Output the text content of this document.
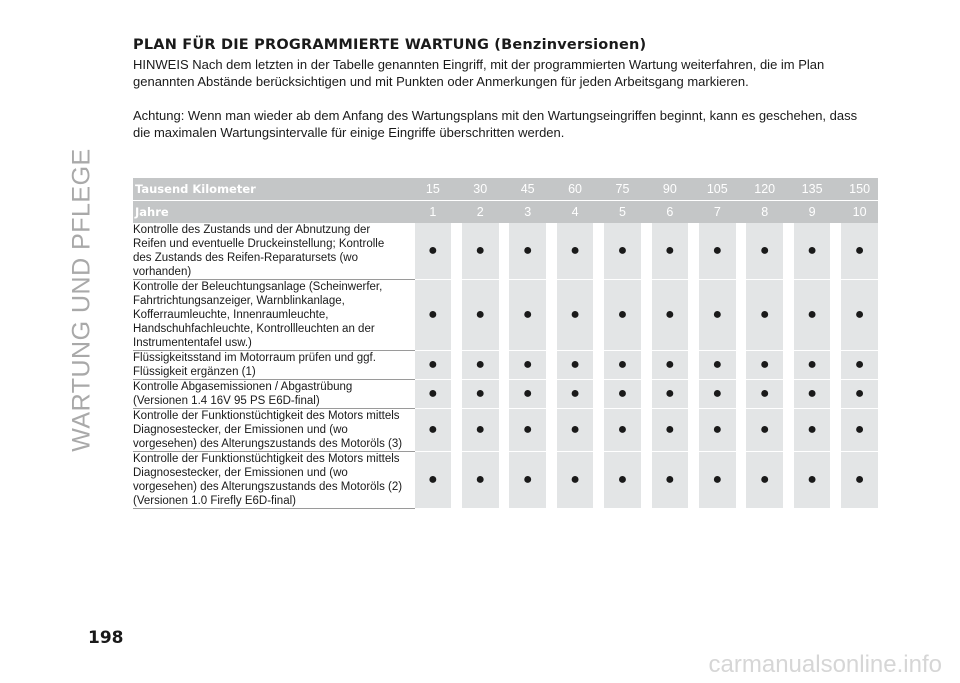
WARTUNG UND PFLEGE
PLAN FÜR DIE PROGRAMMIERTE WARTUNG (Benzinversionen)

HINWEIS Nach dem letzten in der Tabelle genannten Eingriff, mit der programmierten Wartung weiterfahren, die im Plan genannten Abstände berücksichtigen und mit Punkten oder Anmerkungen für jeden Arbeitsgang markieren.

Achtung: Wenn man wieder ab dem Anfang des Wartungsplans mit den Wartungseingriffen beginnt, kann es geschehen, dass die maximalen Wartungsintervalle für einige Eingriffe überschritten werden.

Tausend Kilometer		15		30		45		60		75		90		105		120		135		150
Jahre		1		2		3		4		5		6		7		8		9		10
Kontrolle des Zustands und der Abnutzung der Reifen und eventuelle Druckeinstellung; Kontrolle des Zustands des Reifen-Reparatursets (wo vorhanden)		●		●		●		●		●		●		●		●		●		●
Kontrolle der Beleuchtungsanlage (Scheinwerfer, Fahrtrichtungsanzeiger, Warnblinkanlage, Kofferraumleuchte, Innenraumleuchte, Handschuhfachleuchte, Kontrollleuchten an der Instrumententafel usw.)		●		●		●		●		●		●		●		●		●		●
Flüssigkeitsstand im Motorraum prüfen und ggf. Flüssigkeit ergänzen (1)		●		●		●		●		●		●		●		●		●		●
Kontrolle Abgasemissionen / Abgastrübung (Versionen 1.4 16V 95 PS E6D-final)		●		●		●		●		●		●		●		●		●		●
Kontrolle der Funktionstüchtigkeit des Motors mittels Diagnosestecker, der Emissionen und (wo vorgesehen) des Alterungszustands des Motoröls (3)		●		●		●		●		●		●		●		●		●		●
Kontrolle der Funktionstüchtigkeit des Motors mittels Diagnosestecker, der Emissionen und (wo vorgesehen) des Alterungszustands des Motoröls (2) (Versionen 1.0 Firefly E6D-final)		●		●		●		●		●		●		●		●		●		●
198
carmanualsonline.info
